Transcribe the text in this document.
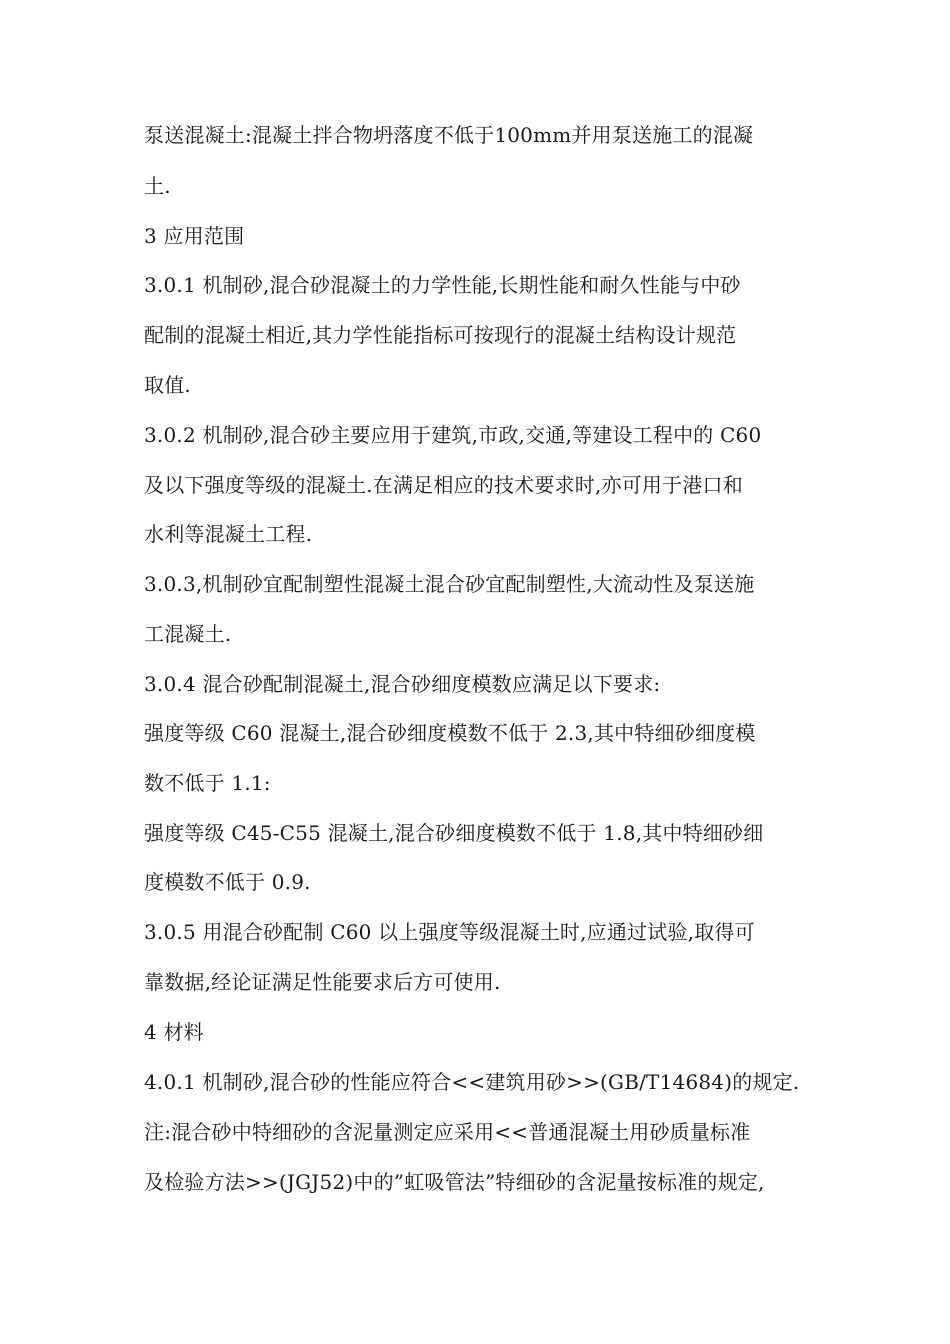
泵送混凝土:混凝土拌合物坍落度不低于100mm并用泵送施工的混凝
土.
3 应用范围
3.0.1 机制砂,混合砂混凝土的力学性能,长期性能和耐久性能与中砂
配制的混凝土相近,其力学性能指标可按现行的混凝土结构设计规范
取值.
3.0.2 机制砂,混合砂主要应用于建筑,市政,交通,等建设工程中的 C60
及以下强度等级的混凝土.在满足相应的技术要求时,亦可用于港口和
水利等混凝土工程.
3.0.3,机制砂宜配制塑性混凝土混合砂宜配制塑性,大流动性及泵送施
工混凝土.
3.0.4 混合砂配制混凝土,混合砂细度模数应满足以下要求:
强度等级 C60 混凝土,混合砂细度模数不低于 2.3,其中特细砂细度模
数不低于 1.1:
强度等级 C45-C55 混凝土,混合砂细度模数不低于 1.8,其中特细砂细
度模数不低于 0.9.
3.0.5 用混合砂配制 C60 以上强度等级混凝土时,应通过试验,取得可
靠数据,经论证满足性能要求后方可使用.
4 材料
4.0.1 机制砂,混合砂的性能应符合<<建筑用砂>>(GB/T14684)的规定.
注:混合砂中特细砂的含泥量测定应采用<<普通混凝土用砂质量标准
及检验方法>>(JGJ52)中的”虹吸管法”特细砂的含泥量按标准的规定,
